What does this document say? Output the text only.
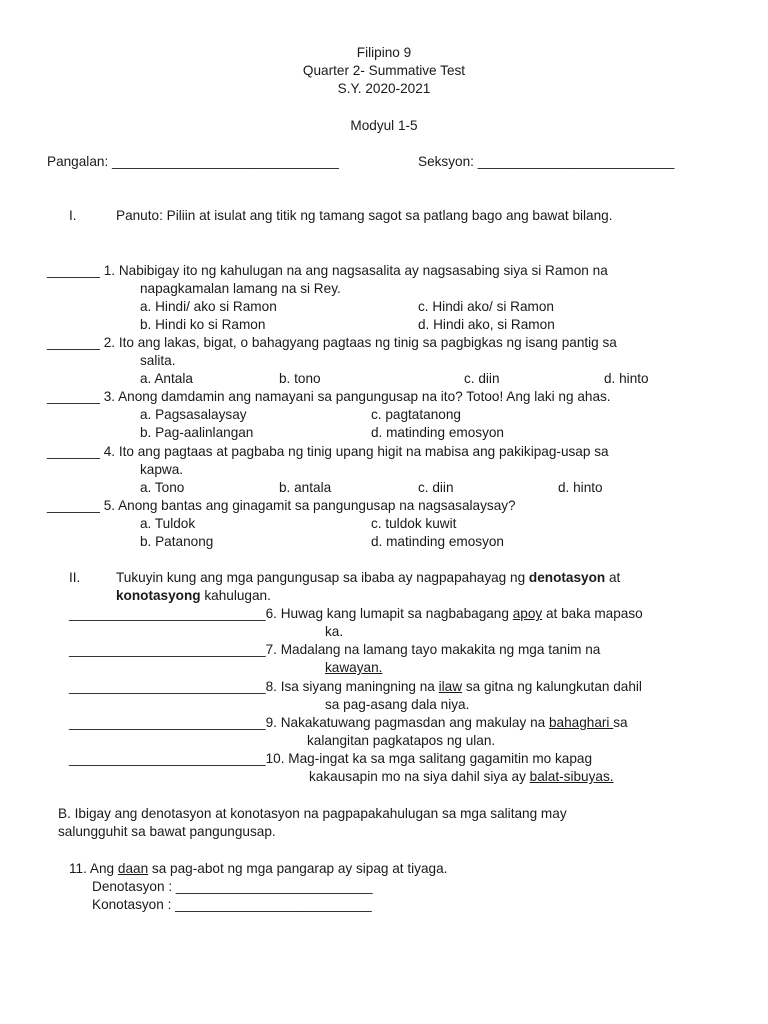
Filipino 9
Quarter 2- Summative Test
S.Y. 2020-2021
Modyul 1-5
Pangalan: ______________________________	Seksyon: __________________________
I.	Panuto: Piliin at isulat ang titik ng tamang sagot sa patlang bago ang bawat bilang.
_______ 1. Nabibigay ito ng kahulugan na ang nagsasalita ay nagsasabing siya si Ramon na
napagkamalan lamang na si Rey.
a. Hindi/ ako si Ramon	c. Hindi ako/ si Ramon
b. Hindi ko si Ramon	d. Hindi ako, si Ramon
_______ 2. Ito ang lakas, bigat, o bahagyang pagtaas ng tinig sa pagbigkas ng isang pantig sa
salita.
a. Antala	b. tono	c. diin	d. hinto
_______ 3. Anong damdamin ang namayani sa pangungusap na ito? Totoo! Ang laki ng ahas.
a. Pagsasalaysay	c. pagtatanong
b. Pag-aalinlangan	d. matinding emosyon
_______ 4. Ito ang pagtaas at pagbaba ng tinig upang higit na mabisa ang pakikipag-usap sa
kapwa.
a. Tono	b. antala	c. diin	d. hinto
_______ 5. Anong bantas ang ginagamit sa pangungusap na nagsasalaysay?
a. Tuldok	c. tuldok kuwit
b. Patanong	d. matinding emosyon
II.	Tukuyin kung ang mga pangungusap sa ibaba ay nagpapahayag ng denotasyon at
konotasyong kahulugan.
__________________________6. Huwag kang lumapit sa nagbabagang apoy at baka mapaso
ka.
__________________________7. Madalang na lamang tayo makakita ng mga tanim na
kawayan.
__________________________8. Isa siyang maningning na ilaw sa gitna ng kalungkutan dahil
sa pag-asang dala niya.
__________________________9. Nakakatuwang pagmasdan ang makulay na bahaghari sa
kalangitan pagkatapos ng ulan.
__________________________10. Mag-ingat ka sa mga salitang gagamitin mo kapag
kakausapin mo na siya dahil siya ay balat-sibuyas.
B. Ibigay ang denotasyon at konotasyon na pagpapakahulugan sa mga salitang may
salungguhit sa bawat pangungusap.
11. Ang daan sa pag-abot ng mga pangarap ay sipag at tiyaga.
Denotasyon : __________________________
Konotasyon : __________________________
